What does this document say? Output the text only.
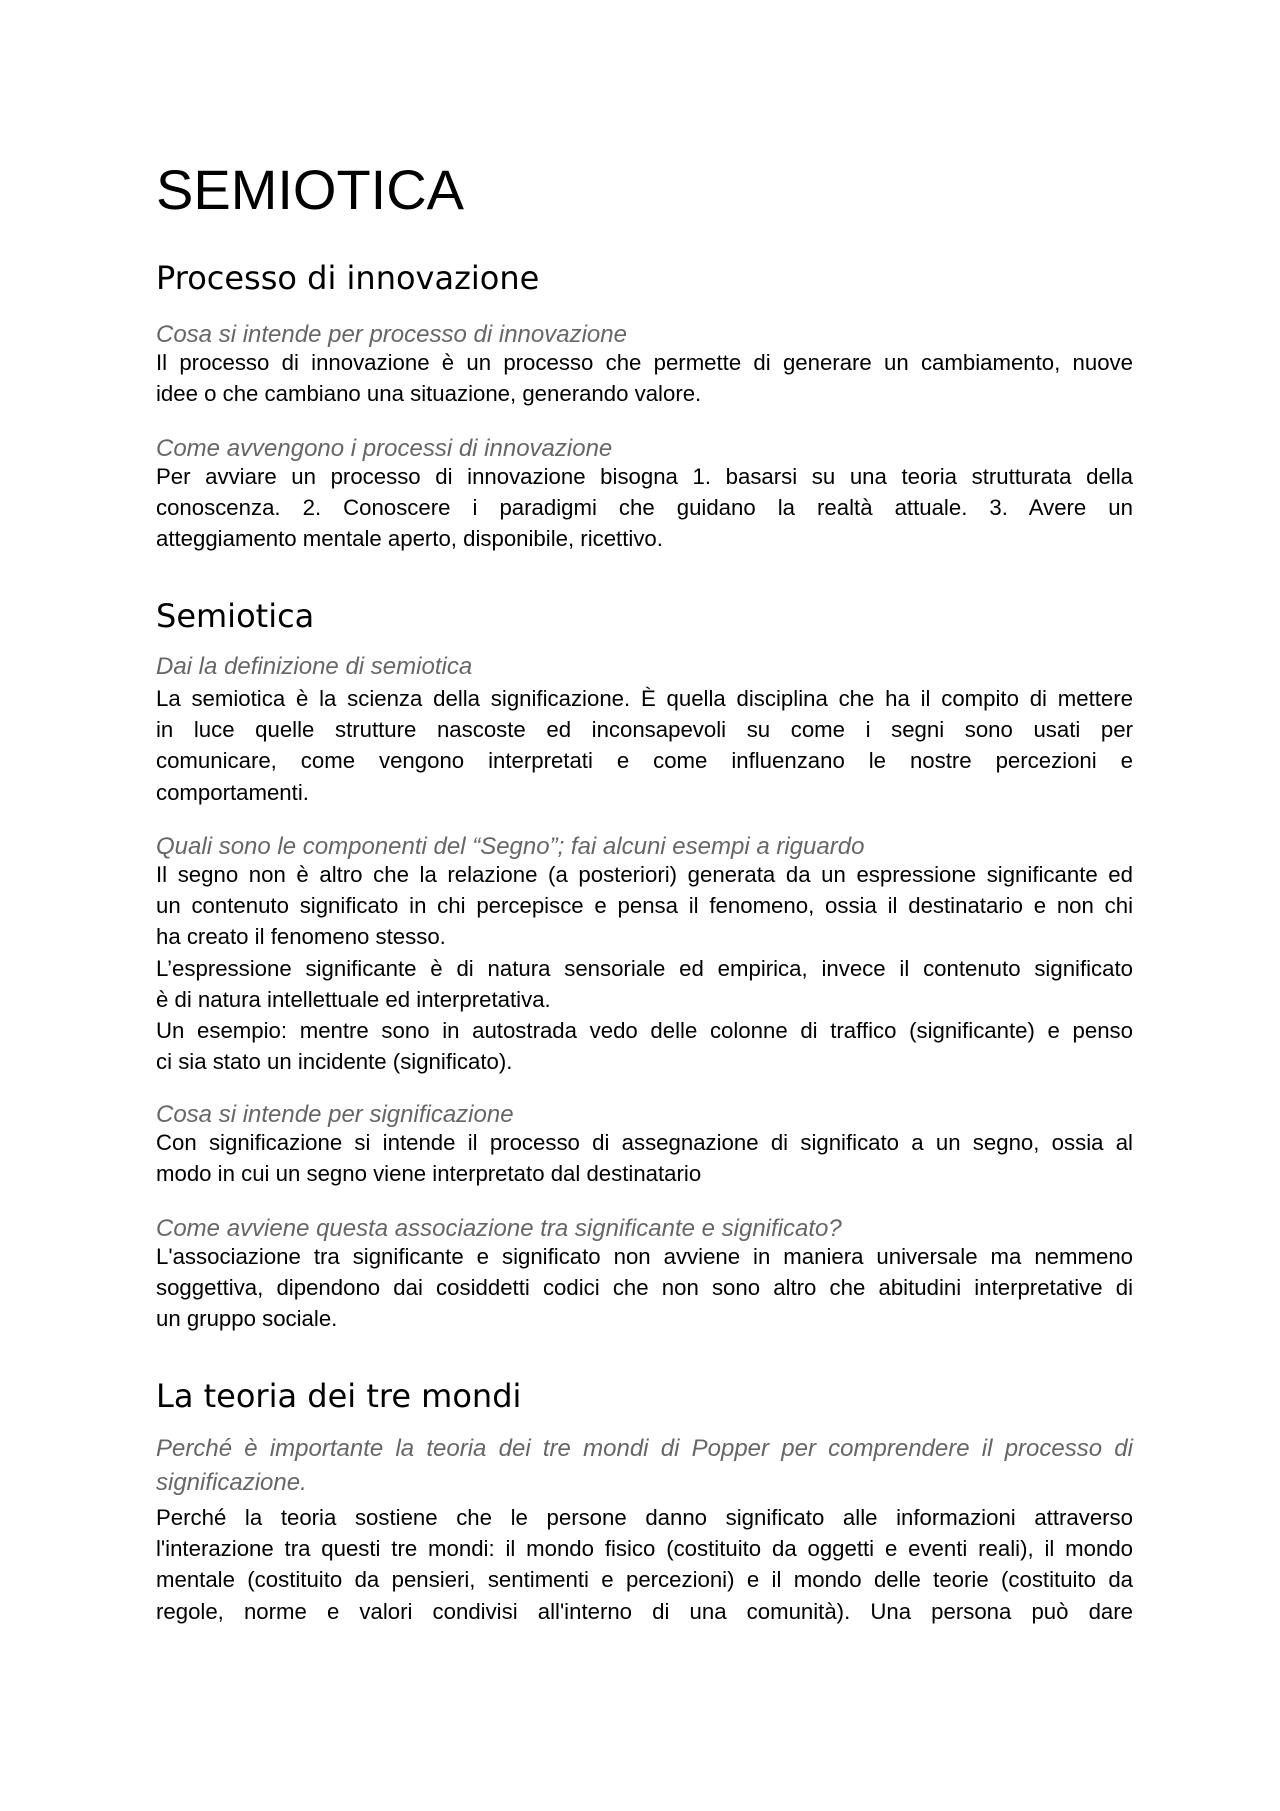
SEMIOTICA
Processo di innovazione

Cosa si intende per processo di innovazione

Il processo di innovazione è un processo che permette di generare un cambiamento, nuove
idee o che cambiano una situazione, generando valore.

Come avvengono i processi di innovazione

Per avviare un processo di innovazione bisogna 1. basarsi su una teoria strutturata della
conoscenza. 2. Conoscere i paradigmi che guidano la realtà attuale. 3. Avere un
atteggiamento mentale aperto, disponibile, ricettivo.

Semiotica

Dai la definizione di semiotica

La semiotica è la scienza della significazione. È quella disciplina che ha il compito di mettere
in luce quelle strutture nascoste ed inconsapevoli su come i segni sono usati per
comunicare, come vengono interpretati e come influenzano le nostre percezioni e
comportamenti.

Quali sono le componenti del “Segno”; fai alcuni esempi a riguardo

Il segno non è altro che la relazione (a posteriori) generata da un espressione significante ed
un contenuto significato in chi percepisce e pensa il fenomeno, ossia il destinatario e non chi
ha creato il fenomeno stesso.
L’espressione significante è di natura sensoriale ed empirica, invece il contenuto significato
è di natura intellettuale ed interpretativa.
Un esempio: mentre sono in autostrada vedo delle colonne di traffico (significante) e penso
ci sia stato un incidente (significato).

Cosa si intende per significazione

Con significazione si intende il processo di assegnazione di significato a un segno, ossia al
modo in cui un segno viene interpretato dal destinatario

Come avviene questa associazione tra significante e significato?

L'associazione tra significante e significato non avviene in maniera universale ma nemmeno
soggettiva, dipendono dai cosiddetti codici che non sono altro che abitudini interpretative di
un gruppo sociale.

La teoria dei tre mondi

Perché è importante la teoria dei tre mondi di Popper per comprendere il processo di
significazione.

Perché la teoria sostiene che le persone danno significato alle informazioni attraverso
l'interazione tra questi tre mondi: il mondo fisico (costituito da oggetti e eventi reali), il mondo
mentale (costituito da pensieri, sentimenti e percezioni) e il mondo delle teorie (costituito da
regole, norme e valori condivisi all'interno di una comunità). Una persona può dare
